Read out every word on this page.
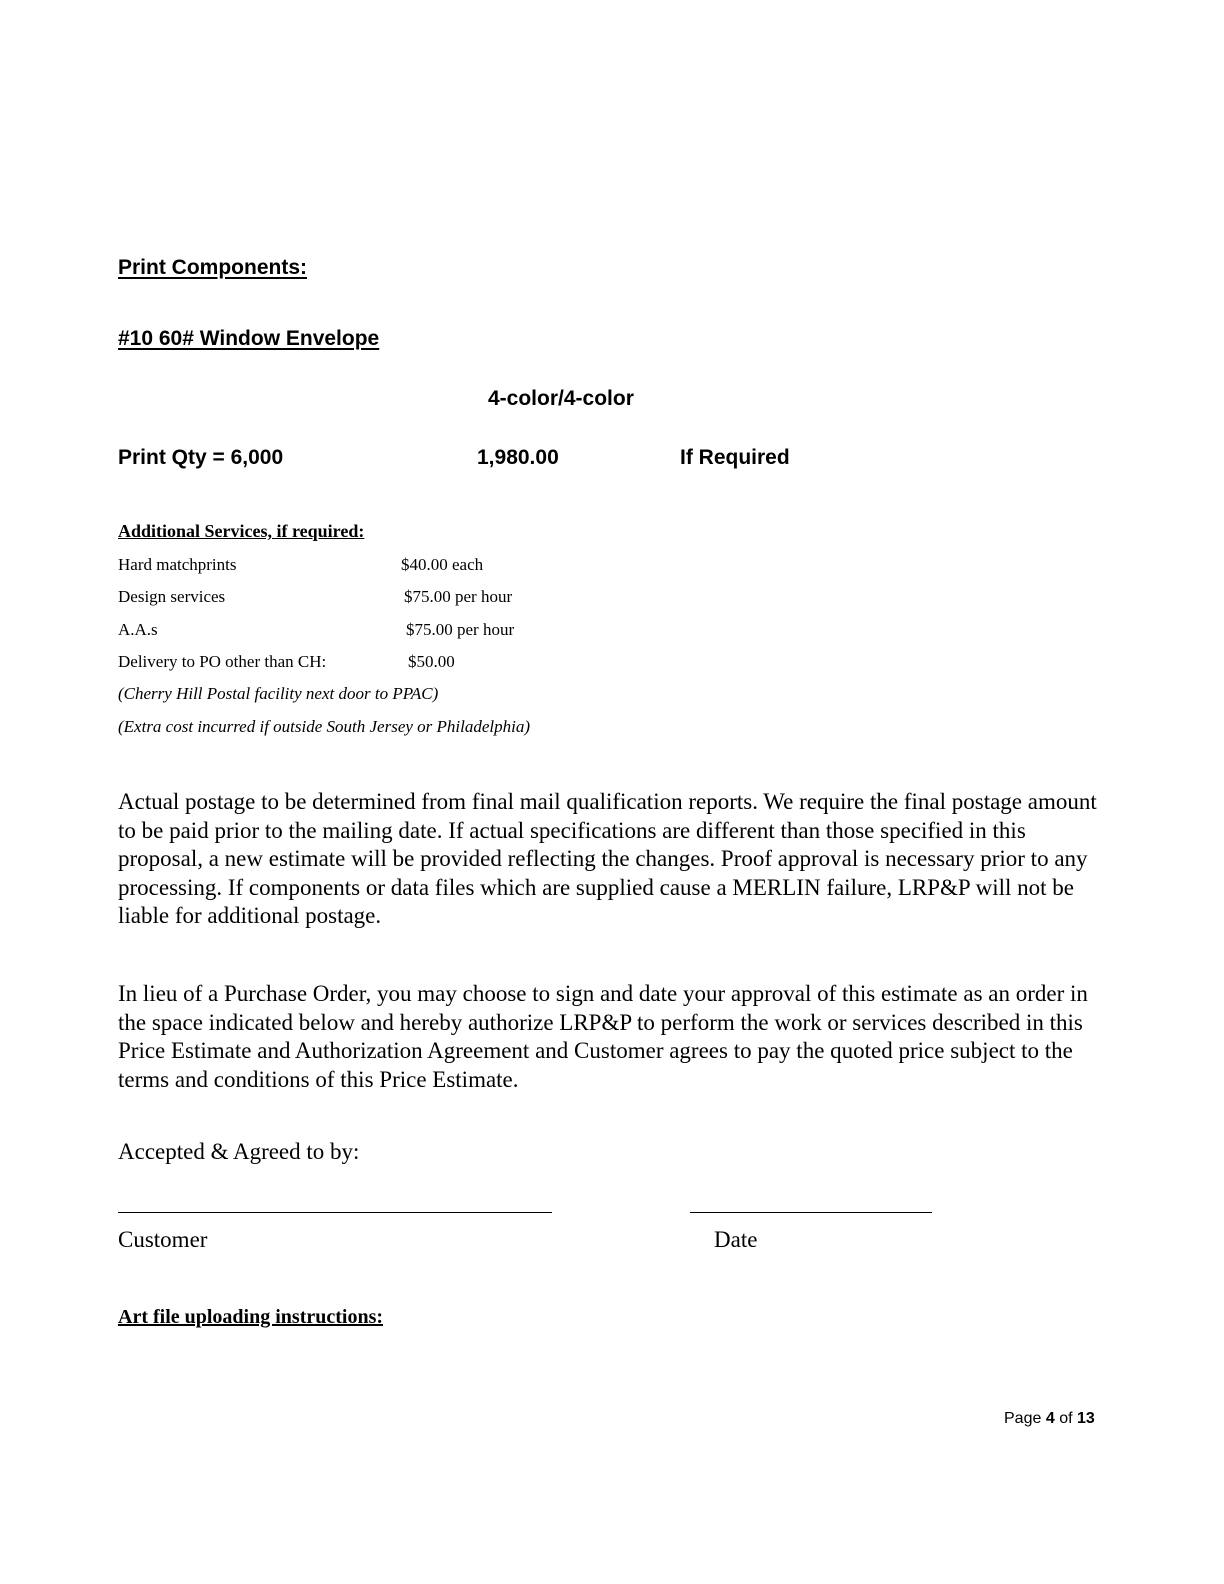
Print Components:
#10 60# Window Envelope
4-color/4-color
Print Qty = 6,000	1,980.00	If Required
Additional Services, if required:
Hard matchprints	$40.00 each
Design services	$75.00 per hour
A.A.s	$75.00 per hour
Delivery to PO other than CH:	$50.00
(Cherry Hill Postal facility next door to PPAC)
(Extra cost incurred if outside South Jersey or Philadelphia)
Actual postage to be determined from final mail qualification reports. We require the final postage amount to be paid prior to the mailing date. If actual specifications are different than those specified in this proposal, a new estimate will be provided reflecting the changes. Proof approval is necessary prior to any processing. If components or data files which are supplied cause a MERLIN failure, LRP&P will not be liable for additional postage.
In lieu of a Purchase Order, you may choose to sign and date your approval of this estimate as an order in the space indicated below and hereby authorize LRP&P to perform the work or services described in this Price Estimate and Authorization Agreement and Customer agrees to pay the quoted price subject to the terms and conditions of this Price Estimate.
Accepted & Agreed to by:
Customer	Date
Art file uploading instructions:
Page 4 of 13
